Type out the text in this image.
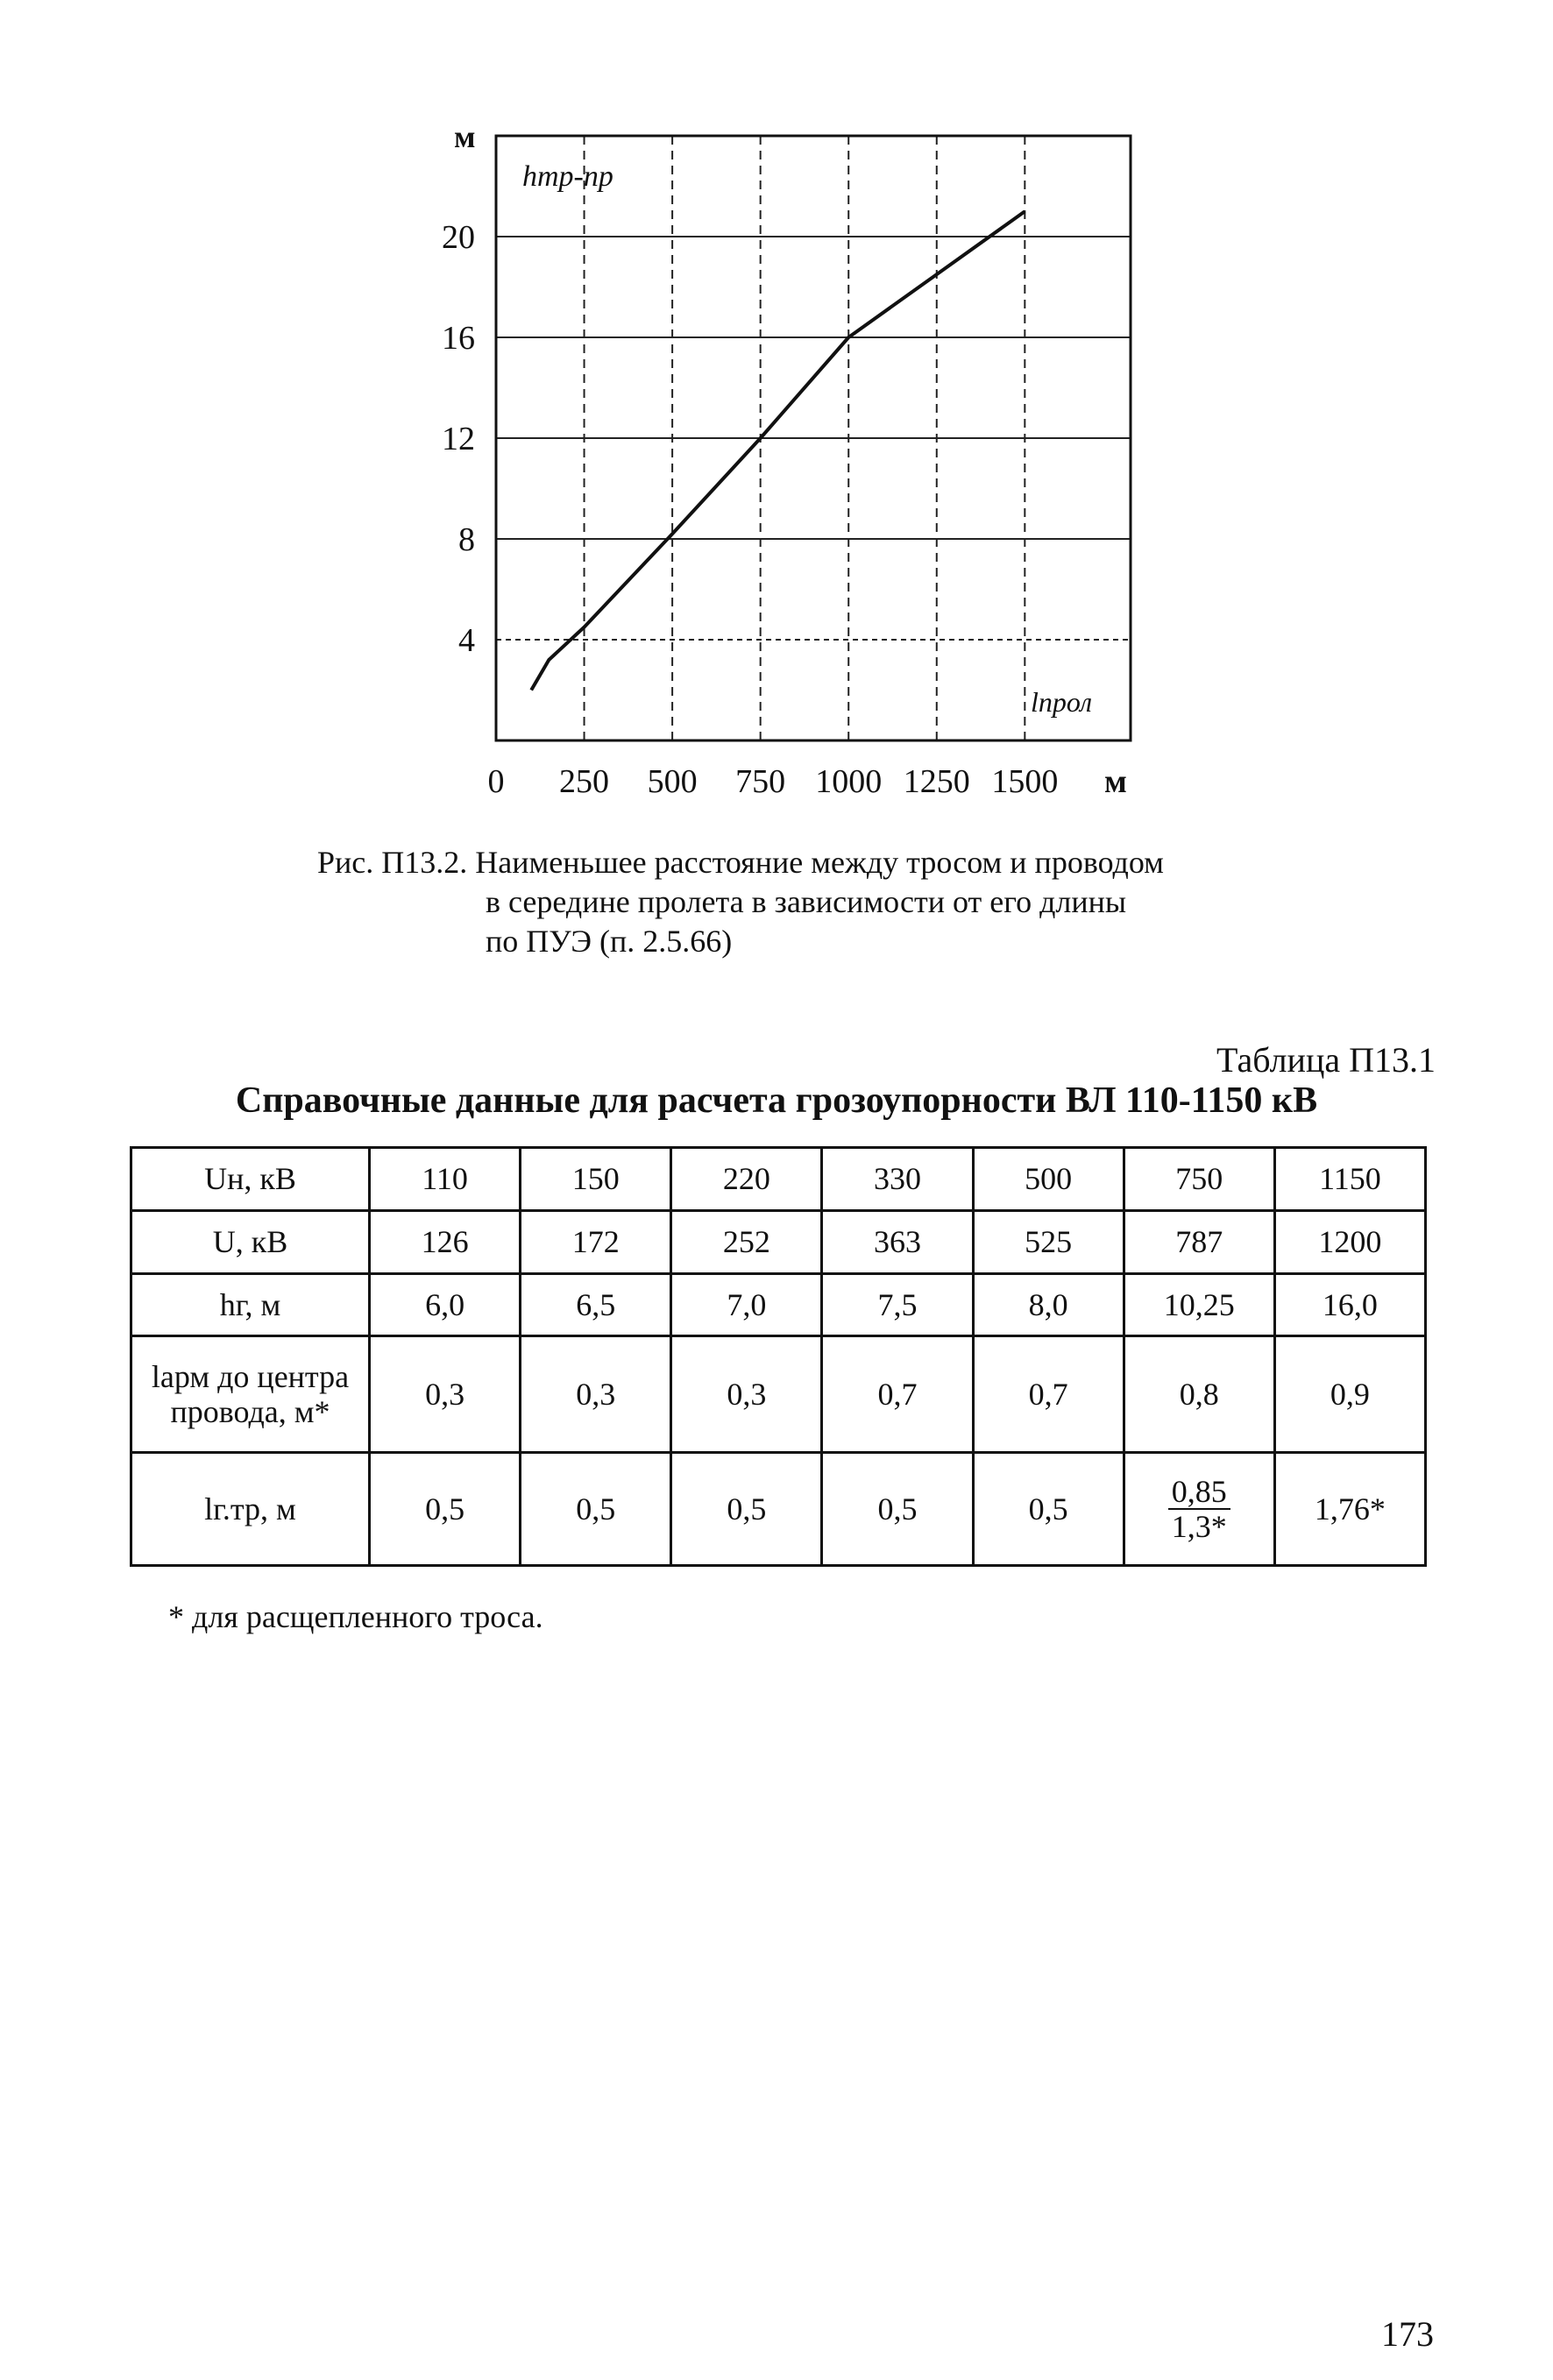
м
hтр-пр
lпрол
м
4
8
12
16
20
0 250 500 750 1000 1250 1500
Рис. П13.2. Наименьшее расстояние между тросом и проводом
в середине пролета в зависимости от его длины
по ПУЭ (п. 2.5.66)
Таблица П13.1
Справочные данные для расчета грозоупорности ВЛ 110-1150 кВ
Uн, кВ	110	150	220	330	500	750	1150
U, кВ	126	172	252	363	525	787	1200
hг, м	6,0	6,5	7,0	7,5	8,0	10,25	16,0

lарм до центра
провода, м*	0,3	0,3	0,3	0,7	0,7	0,8	0,9
lг.тр, м	0,5	0,5	0,5	0,5	0,5	$\frac{0,85}{1,3*}$	1,76*
* для расщепленного троса.
173
